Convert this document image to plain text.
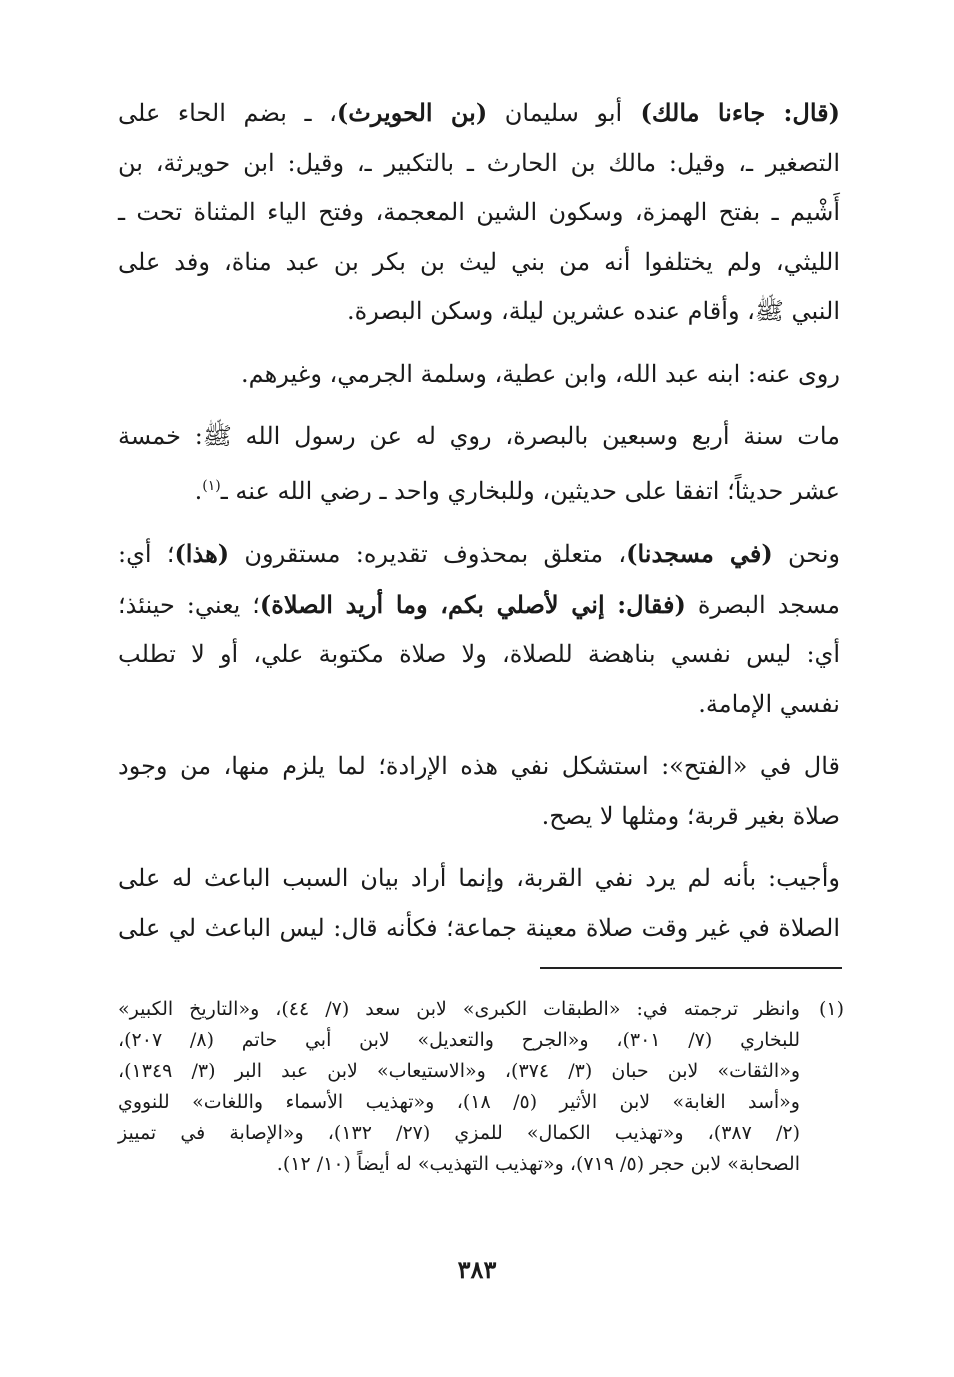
(قال: جاءنا مالك) أبو سليمان (بن الحويرث)، ـ بضم الحاء على
التصغير ـ، وقيل: مالك بن الحارث ـ بالتكبير ـ، وقيل: ابن حويرثة، بن
أَشْيم ـ بفتح الهمزة، وسكون الشين المعجمة، وفتح الياء المثناة تحت ـ
الليثي، ولم يختلفوا أنه من بني ليث بن بكر بن عبد مناة، وفد على
النبي ﷺ، وأقام عنده عشرين ليلة، وسكن البصرة.
روى عنه: ابنه عبد الله، وابن عطية، وسلمة الجرمي، وغيرهم.
مات سنة أربع وسبعين بالبصرة، روي له عن رسول الله ﷺ: خمسة
عشر حديثاً؛ اتفقا على حديثين، وللبخاري واحد ـ رضي الله عنه ـ$^{(١)}$.
ونحن (في مسجدنا)، متعلق بمحذوف تقديره: مستقرون (هذا)؛ أي:
مسجد البصرة (فقال: إني لأصلي بكم، وما أريد الصلاة)؛ يعني: حينئذ؛
أي: ليس نفسي بناهضة للصلاة، ولا صلاة مكتوبة علي، أو لا تطلب
نفسي الإمامة.
قال في «الفتح»: استشكل نفي هذه الإرادة؛ لما يلزم منها، من وجود
صلاة بغير قربة؛ ومثلها لا يصح.
وأجيب: بأنه لم يرد نفي القربة، وإنما أراد بيان السبب الباعث له على
الصلاة في غير وقت صلاة معينة جماعة؛ فكأنه قال: ليس الباعث لي على
(١)
وانظر ترجمته في: «الطبقات الكبرى» لابن سعد (٧/ ٤٤)، و«التاريخ الكبير»
للبخاري (٧/ ٣٠١)، و«الجرح والتعديل» لابن أبي حاتم (٨/ ٢٠٧)،
و«الثقات» لابن حبان (٣/ ٣٧٤)، و«الاستيعاب» لابن عبد البر (٣/ ١٣٤٩)،
و«أسد الغابة» لابن الأثير (٥/ ١٨)، و«تهذيب الأسماء واللغات» للنووي
(٢/ ٣٨٧)، و«تهذيب الكمال» للمزي (٢٧/ ١٣٢)، و«الإصابة في تمييز
الصحابة» لابن حجر (٥/ ٧١٩)، و«تهذيب التهذيب» له أيضاً (١٠/ ١٢).
٣٨٣
